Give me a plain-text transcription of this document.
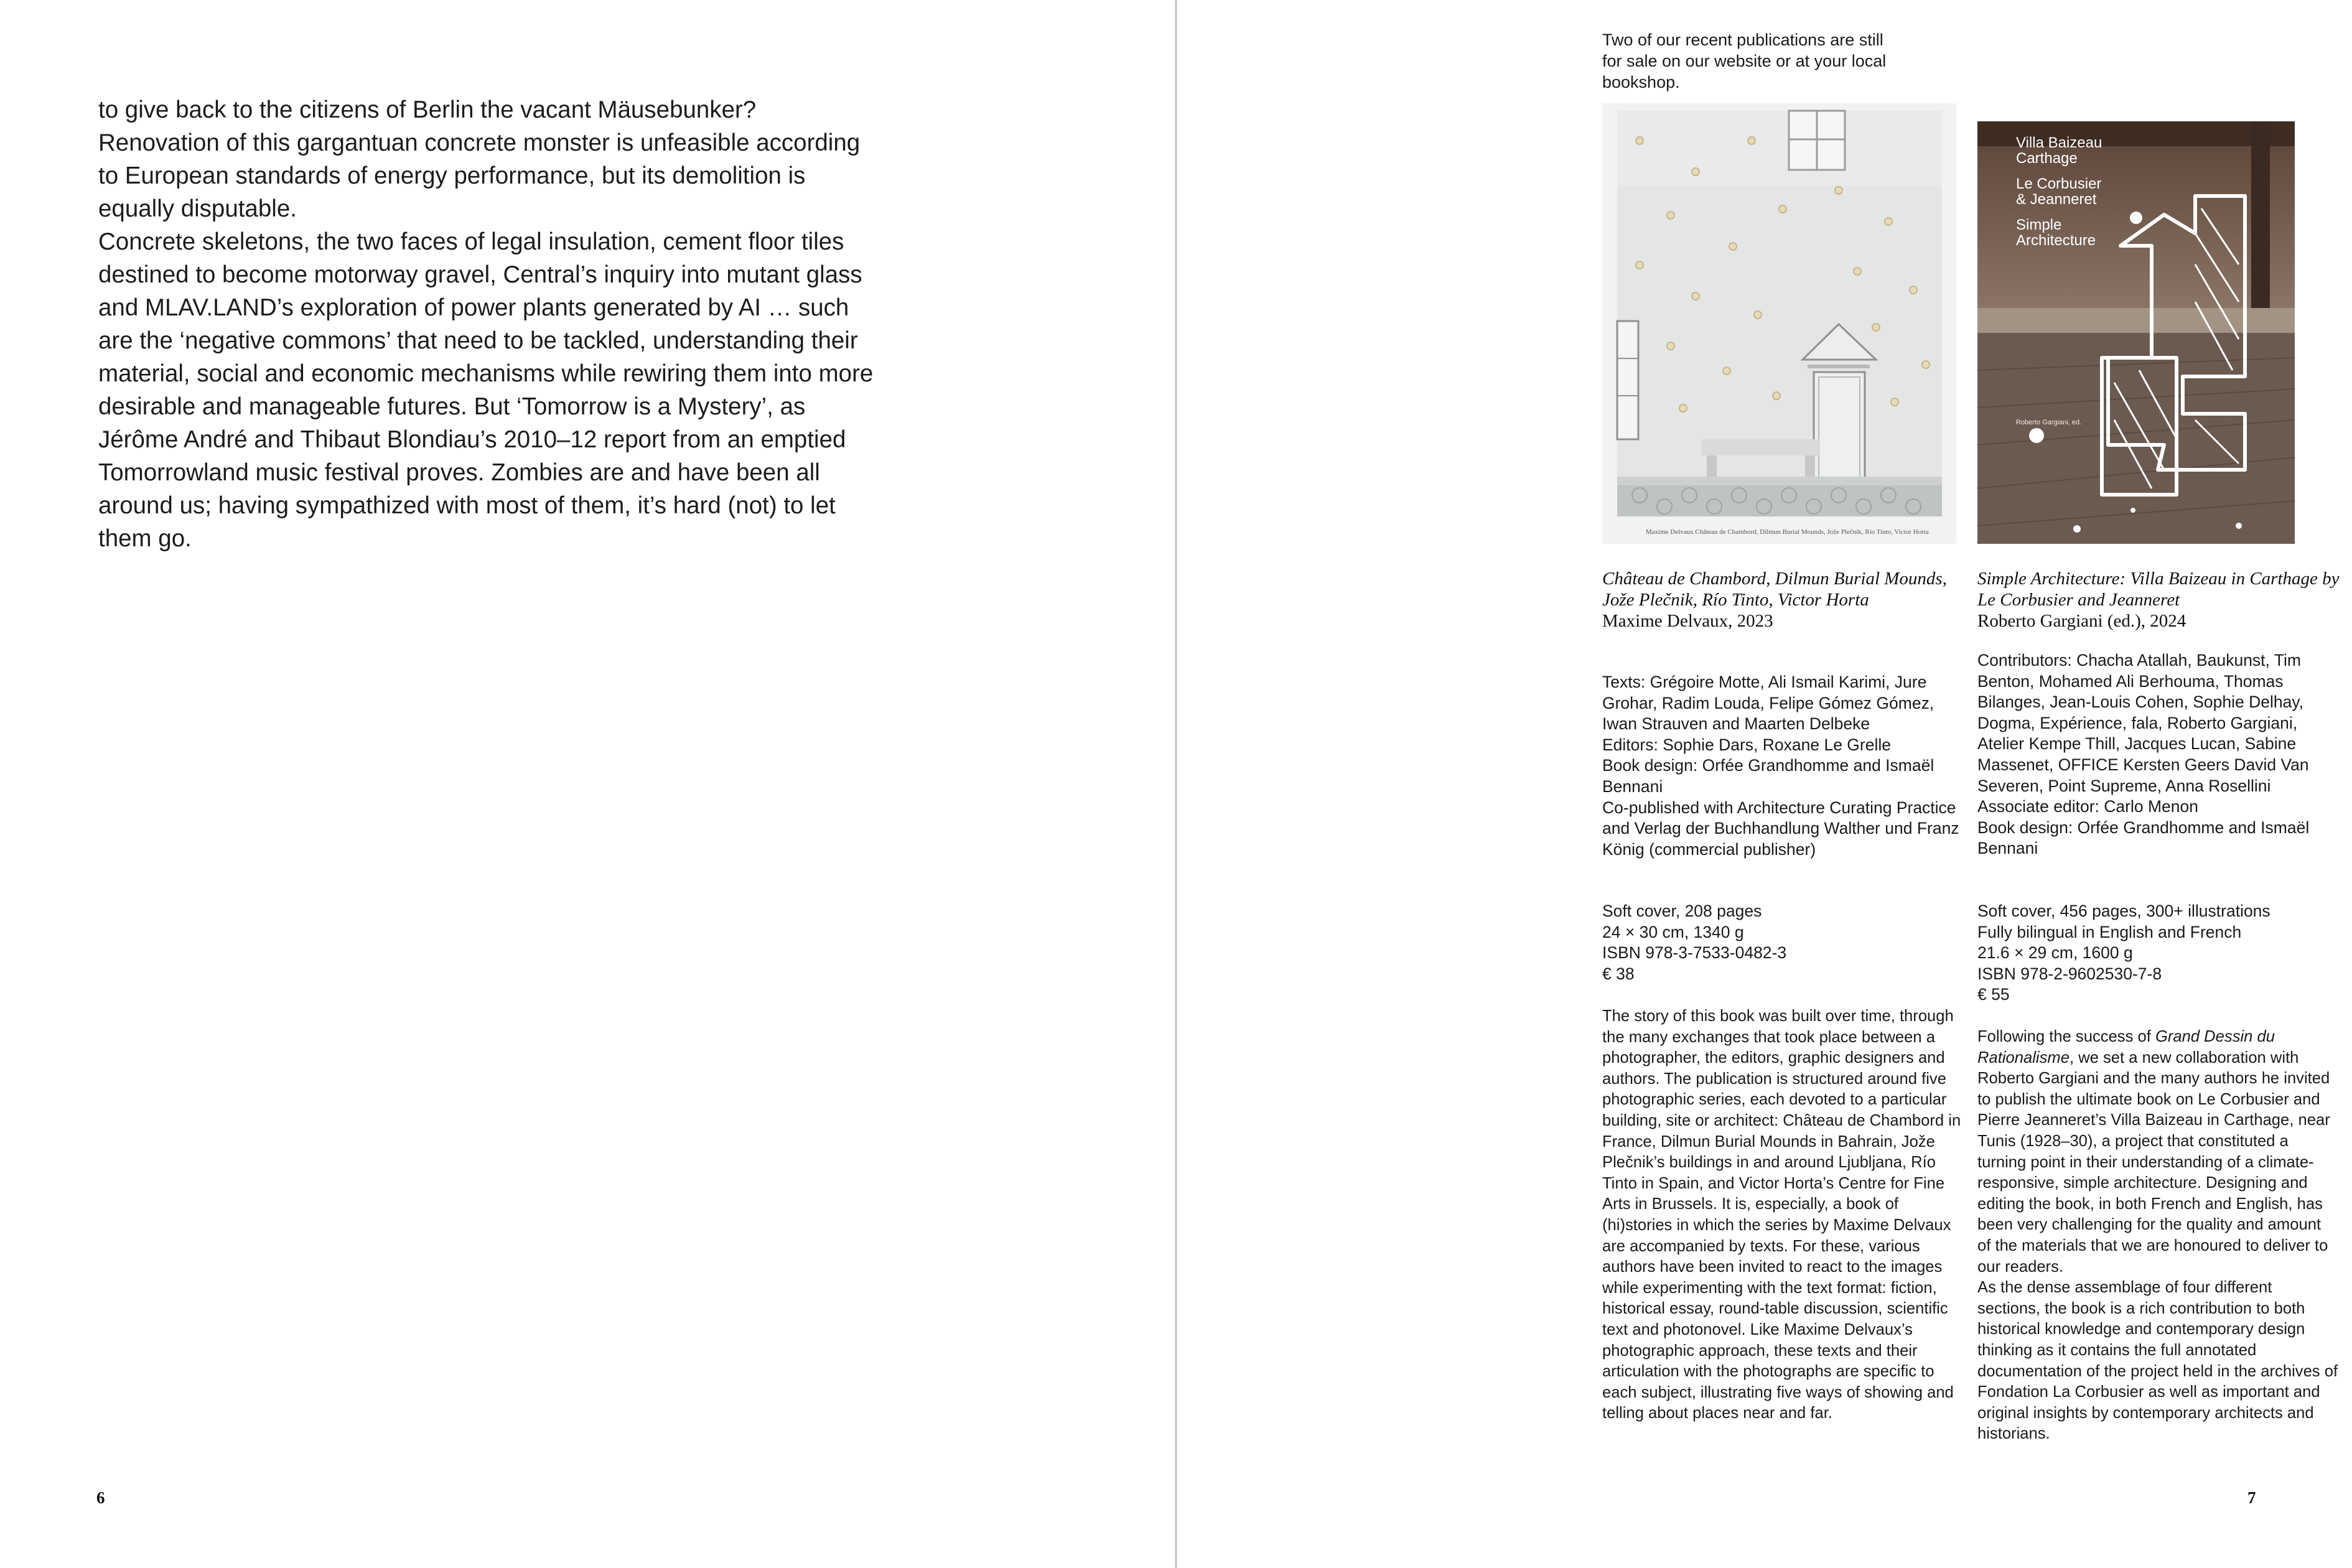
to give back to the citizens of Berlin the vacant Mäusebunker? Renovation of this gargantuan concrete monster is unfeasible according to European standards of energy performance, but its demolition is equally disputable.

Concrete skeletons, the two faces of legal insulation, cement floor tiles destined to become motorway gravel, Central’s inquiry into mutant glass and MLAV.LAND’s exploration of power plants generated by AI … such are the ‘negative commons’ that need to be tackled, understanding their material, social and economic mechanisms while rewiring them into more desirable and manageable futures. But ‘Tomorrow is a Mystery’, as Jérôme André and Thibaut Blondiau’s 2010–12 report from an emptied Tomorrowland music festival proves. Zombies are and have been all around us; having sympathized with most of them, it’s hard (not) to let them go.

6
Two of our recent publications are still for sale on our website or at your local bookshop.
Maxime Delvaux Château de Chambord, Dilmun Burial Mounds, Jože Plečnik, Río Tinto, Victor Horta
Château de Chambord, Dilmun Burial Mounds, Jože Plečnik, Río Tinto, Victor Horta
Maxime Delvaux, 2023

Texts: Grégoire Motte, Ali Ismail Karimi, Jure Grohar, Radim Louda, Felipe Gómez Gómez, Iwan Strauven and Maarten Delbeke

Editors: Sophie Dars, Roxane Le Grelle

Book design: Orfée Grandhomme and Ismaël Bennani

Co-published with Architecture Curating Practice and Verlag der Buchhandlung Walther und Franz König (commercial publisher)

Soft cover, 208 pages

24 × 30 cm, 1340 g

ISBN 978-3-7533-0482-3

€ 38

The story of this book was built over time, through the many exchanges that took place between a photographer, the editors, graphic designers and authors. The publication is structured around five photographic series, each devoted to a particular building, site or architect: Château de Chambord in France, Dilmun Burial Mounds in Bahrain, Jože Plečnik’s buildings in and around Ljubljana, Río Tinto in Spain, and Victor Horta’s Centre for Fine Arts in Brussels. It is, especially, a book of (hi)stories in which the series by Maxime Delvaux are accompanied by texts. For these, various authors have been invited to react to the images while experimenting with the text format: fiction, historical essay, round-table discussion, scientific text and photonovel. Like Maxime Delvaux’s photographic approach, these texts and their articulation with the photographs are specific to each subject, illustrating five ways of showing and telling about places near and far.
Villa Baizeau
Carthage
Le Corbusier
& Jeanneret
Simple
Architecture
Roberto Gargiani, ed.
Simple Architecture: Villa Baizeau in Carthage by Le Corbusier and Jeanneret
Roberto Gargiani (ed.), 2024

Contributors: Chacha Atallah, Baukunst, Tim Benton, Mohamed Ali Berhouma, Thomas Bilanges, Jean-Louis Cohen, Sophie Delhay, Dogma, Expérience, fala, Roberto Gargiani, Atelier Kempe Thill, Jacques Lucan, Sabine Massenet, OFFICE Kersten Geers David Van Severen, Point Supreme, Anna Rosellini

Associate editor: Carlo Menon

Book design: Orfée Grandhomme and Ismaël Bennani

Soft cover, 456 pages, 300+ illustrations

Fully bilingual in English and French

21.6 × 29 cm, 1600 g

ISBN 978-2-9602530-7-8

€ 55

Following the success of Grand Dessin du Rationalisme, we set a new collaboration with Roberto Gargiani and the many authors he invited to publish the ultimate book on Le Corbusier and Pierre Jeanneret’s Villa Baizeau in Carthage, near Tunis (1928–30), a project that constituted a turning point in their understanding of a climate-responsive, simple architecture. Designing and editing the book, in both French and English, has been very challenging for the quality and amount of the materials that we are honoured to deliver to our readers.

As the dense assemblage of four different sections, the book is a rich contribution to both historical knowledge and contemporary design thinking as it contains the full annotated documentation of the project held in the archives of Fondation La Corbusier as well as important and original insights by contemporary architects and historians.

7
